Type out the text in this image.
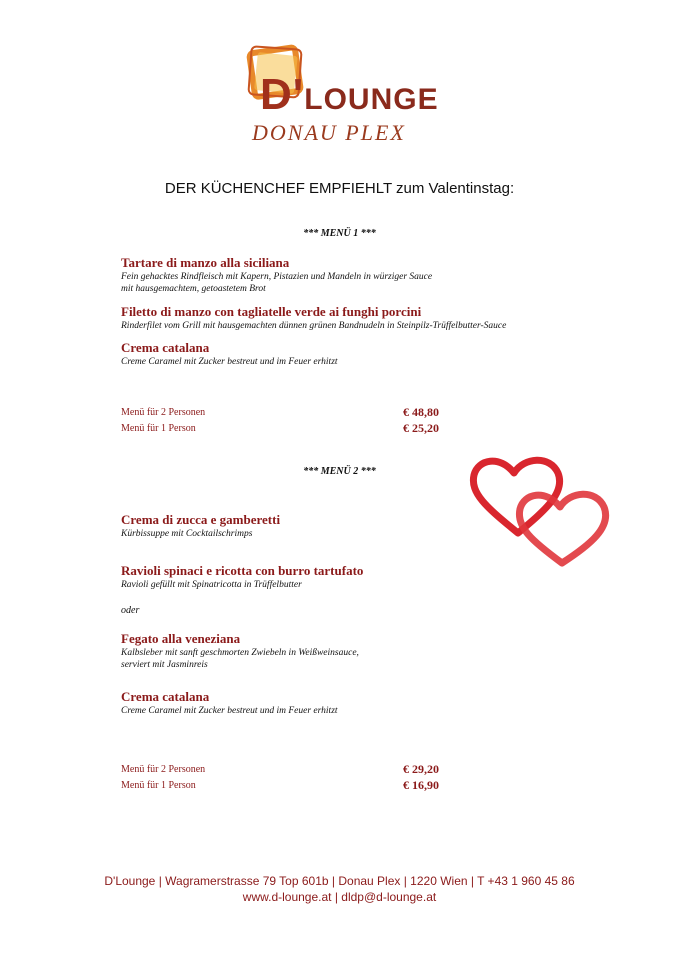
D'LOUNGE
DONAU PLEX
DER KÜCHENCHEF EMPFIEHLT zum Valentinstag:
*** MENÜ 1 ***
Tartare di manzo alla siciliana
Fein gehacktes Rindfleisch mit Kapern, Pistazien und Mandeln in würziger Sauce
mit hausgemachtem, getoastetem Brot
Filetto di manzo con tagliatelle verde ai funghi porcini
Rinderfilet vom Grill mit hausgemachten dünnen grünen Bandnudeln in Steinpilz-Trüffelbutter-Sauce
Crema catalana
Creme Caramel mit Zucker bestreut und im Feuer erhitzt
Menü für 2 Personen	€ 48,80
Menü für 1 Person	€ 25,20
*** MENÜ 2 ***
Crema di zucca e gamberetti
Kürbissuppe mit Cocktailschrimps
Ravioli spinaci e ricotta con burro tartufato
Ravioli gefüllt mit Spinatricotta in Trüffelbutter
oder
Fegato alla veneziana
Kalbsleber mit sanft geschmorten Zwiebeln in Weißweinsauce,
serviert mit Jasminreis
Crema catalana
Creme Caramel mit Zucker bestreut und im Feuer erhitzt
Menü für 2 Personen	€ 29,20
Menü für 1 Person	€ 16,90
D'Lounge | Wagramerstrasse 79 Top 601b | Donau Plex | 1220 Wien | T +43 1 960 45 86
www.d-lounge.at | dldp@d-lounge.at
